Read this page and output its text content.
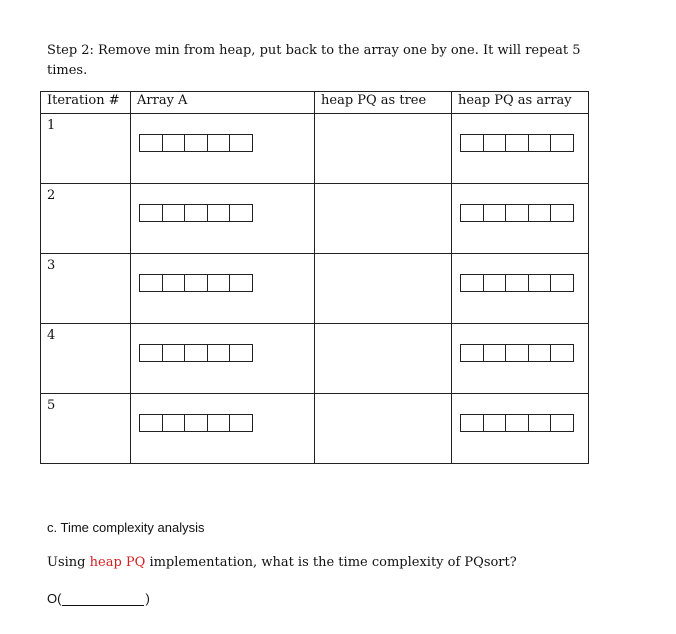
Step 2: Remove min from heap, put back to the array one by one. It will repeat 5 times.

Iteration #	Array A	heap PQ as tree	heap PQ as array

1			

2			

3			

4			

5			

c. Time complexity analysis

Using heap PQ implementation, what is the time complexity of PQsort?

O(	)
